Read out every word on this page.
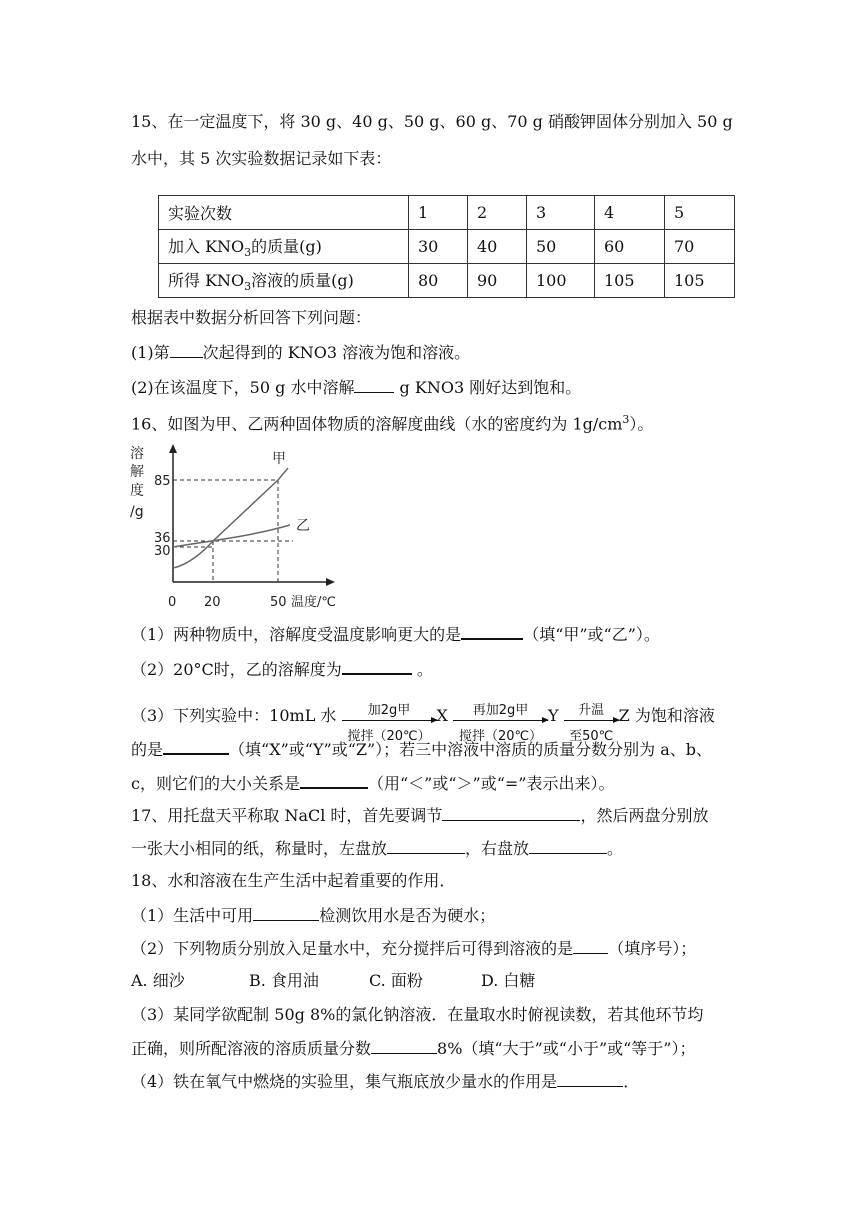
15、在一定温度下，将 30 g、40 g、50 g、60 g、70 g 硝酸钾固体分别加入 50 g
水中，其 5 次实验数据记录如下表：
实验次数	1	2	3	4	5
加入 $KNO_3$的质量(g)	30	40	50	60	70
所得 $KNO_3$溶液的质量(g)	80	90	100	105	105
根据表中数据分析回答下列问题：
(1)第 次起得到的 KNO3 溶液为饱和溶液。
(2)在该温度下，50 g 水中溶解	g KNO3 刚好达到饱和。
16、如图为甲、乙两种固体物质的溶解度曲线（水的密度约为 $1g/cm^3$）。
溶
解
度
/g
甲
乙
85
36
30
0 20	50 温度/℃
（1）两种物质中，溶解度受温度影响更大的是	（填“甲”或“乙”）。
（2）20°C时，乙的溶解度为	。
（3）下列实验中：10mL 水	加2g甲
搅拌（20℃）
X	再加2g甲
搅拌（20℃）
Y	升温
至50℃
Z 为饱和溶液
的是	（填“X”或“Y”或“Z”）；若三中溶液中溶质的质量分数分别为 a、b、
c，则它们的大小关系是	（用“＜”或“＞”或“=”表示出来）。
17、用托盘天平称取 NaCl 时，首先要调节	，然后两盘分别放
一张大小相同的纸，称量时，左盘放	，右盘放	。
18、水和溶液在生产生活中起着重要的作用．
（1）生活中可用	检测饮用水是否为硬水；
（2）下列物质分别放入足量水中，充分搅拌后可得到溶液的是 （填序号）；
A. 细沙	B. 食用油	C. 面粉	D. 白糖
（3）某同学欲配制 50g 8%的氯化钠溶液．在量取水时俯视读数，若其他环节均
正确，则所配溶液的溶质质量分数	8%（填“大于”或“小于”或“等于”）；
（4）铁在氧气中燃烧的实验里，集气瓶底放少量水的作用是	．
